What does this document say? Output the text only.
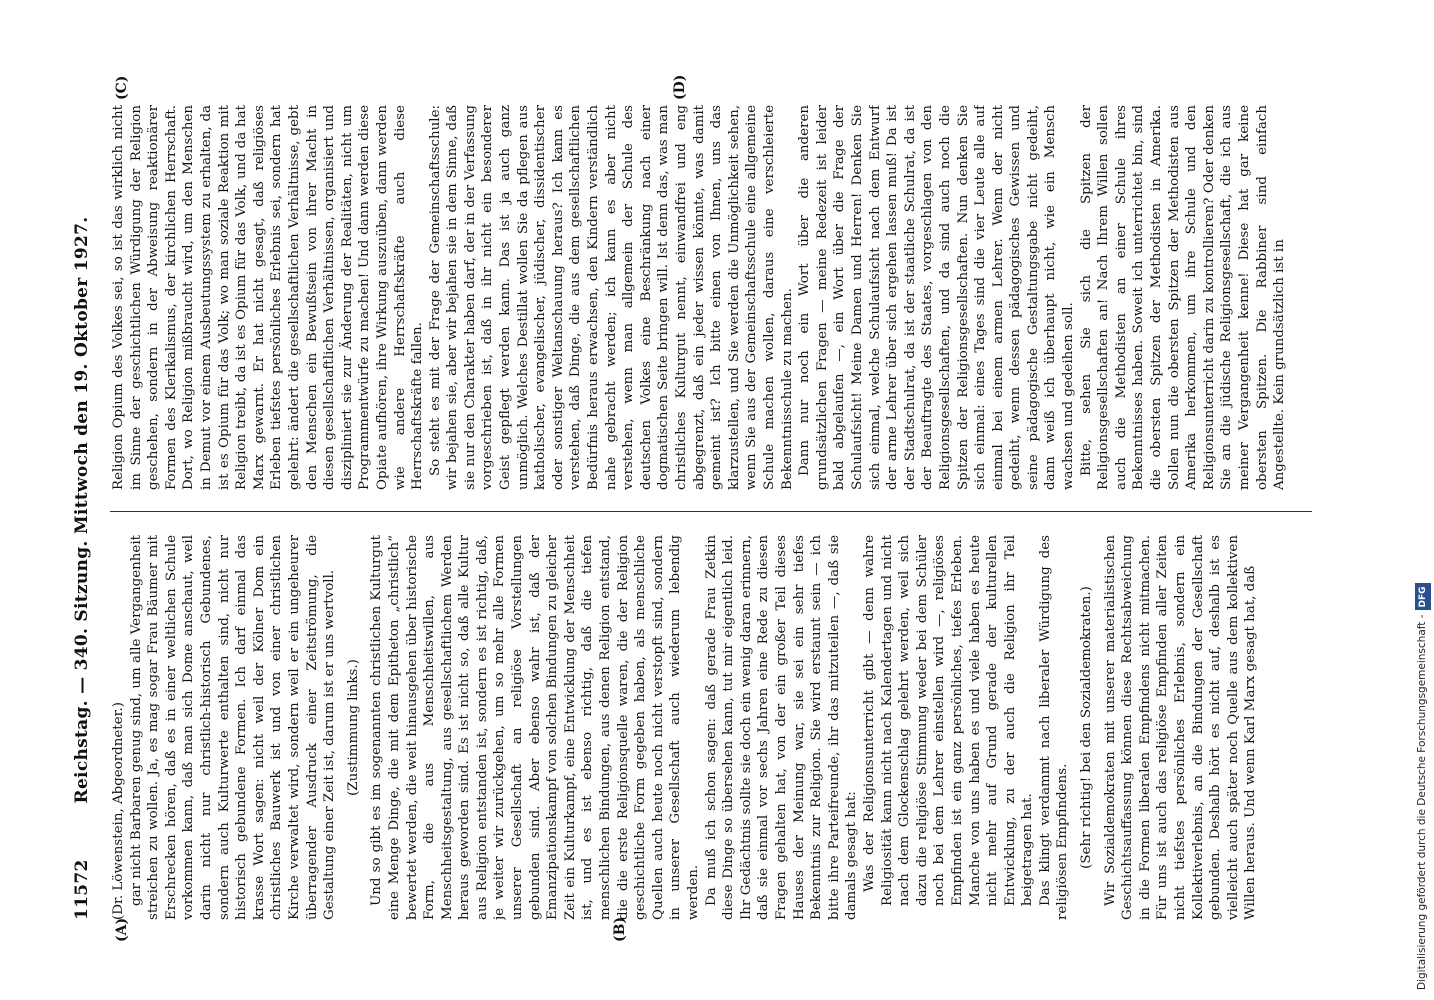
11572
Reichstag. — 340. Sitzung. Mittwoch den 19. Oktober 1927.
(A)	(B)
(C)	(D)

(Dr. Löwenstein, Abgeordneter.) gar nicht Barbaren genug sind, um alle Vergangenheit streichen zu wollen. Ja, es mag sogar Frau Bäumer mit Erschrecken hören, daß es in einer weltlichen Schule vorkommen kann, daß man sich Dome anschaut, weil darin nicht nur christlich-historisch Gebundenes, sondern auch Kulturwerte enthalten sind, nicht nur historisch gebundene Formen. Ich darf einmal das krasse Wort sagen: nicht weil der Kölner Dom ein christliches Bauwerk ist und von einer christlichen Kirche verwaltet wird, sondern weil er ein ungeheurer überragender Ausdruck einer Zeitströmung, die Gestaltung einer Zeit ist, darum ist er uns wertvoll. (Zustimmung links.) Und so gibt es im sogenannten christlichen Kulturgut eine Menge Dinge, die mit dem Epitheton „christlich“ bewertet werden, die weit hinausgehen über historische Form, die aus Menschheitswillen, aus Menschheitsgestaltung, aus gesellschaftlichem Werden heraus geworden sind. Es ist nicht so, daß alle Kultur aus Religion entstanden ist, sondern es ist richtig, daß, je weiter wir zurückgehen, um so mehr alle Formen unserer Gesellschaft an religiöse Vorstellungen gebunden sind. Aber ebenso wahr ist, daß der Emanzipationskampf von solchen Bindungen zu gleicher Zeit ein Kulturkampf, eine Entwicklung der Menschheit ist, und es ist ebenso richtig, daß die tiefen menschlichen Bindungen, aus denen Religion entstand, die die erste Religionsquelle waren, die der Religion geschichtliche Form gegeben haben, als menschliche Quellen auch heute noch nicht verstopft sind, sondern in unserer Gesellschaft auch wiederum lebendig werden. Da muß ich schon sagen: daß gerade Frau Zetkin diese Dinge so übersehen kann, tut mir eigentlich leid. Ihr Gedächtnis sollte sie doch ein wenig daran erinnern, daß sie einmal vor sechs Jahren eine Rede zu diesen Fragen gehalten hat, von der ein großer Teil dieses Hauses der Meinung war, sie sei ein sehr tiefes Bekenntnis zur Religion. Sie wird erstaunt sein — ich bitte ihre Parteifreunde, ihr das mitzuteilen —, daß sie damals gesagt hat: Was der Religionsunterricht gibt — denn wahre Religiosität kann nicht nach Kalendertagen und nicht nach dem Glockenschlag gelehrt werden, weil sich dazu die religiöse Stimmung weder bei dem Schüler noch bei dem Lehrer einstellen wird —, religiöses Empfinden ist ein ganz persönliches, tiefes Erleben. Manche von uns haben es und viele haben es heute nicht mehr auf Grund gerade der kulturellen Entwicklung, zu der auch die Religion ihr Teil beigetragen hat. Das klingt verdammt nach liberaler Würdigung des religiösen Empfindens. (Sehr richtig! bei den Sozialdemokraten.) Wir Sozialdemokraten mit unserer materialistischen Geschichtsauffassung können diese Rechtsabweichung in die Formen liberalen Empfindens nicht mitmachen. Für uns ist auch das religiöse Empfinden aller Zeiten nicht tiefstes persönliches Erlebnis, sondern ein Kollektiverlebnis, an die Bindungen der Gesellschaft gebunden. Deshalb hört es nicht auf, deshalb ist es vielleicht auch später noch Quelle aus dem kollektiven Willen heraus. Und wenn Karl Marx gesagt hat, daß

Religion Opium des Volkes sei, so ist das wirklich nicht im Sinne der geschichtlichen Würdigung der Religion geschehen, sondern in der Abweisung reaktionärer Formen des Klerikalismus, der kirchlichen Herrschaft. Dort, wo Religion mißbraucht wird, um den Menschen in Demut vor einem Ausbeutungssystem zu erhalten, da ist es Opium für das Volk; wo man soziale Reaktion mit Religion treibt, da ist es Opium für das Volk, und da hat Marx gewarnt. Er hat nicht gesagt, daß religiöses Erleben tiefstes persönliches Erlebnis sei, sondern hat gelehrt: ändert die gesellschaftlichen Verhältnisse, gebt den Menschen ein Bewußtsein von ihrer Macht in diesen gesellschaftlichen Verhältnissen, organisiert und diszipliniert sie zur Änderung der Realitäten, nicht um Programmentwürfe zu machen! Und dann werden diese Opiate aufhören, ihre Wirkung auszuüben, dann werden wie andere Herrschaftskräfte auch diese Herrschaftskräfte fallen. So steht es mit der Frage der Gemeinschaftsschule: wir bejahen sie, aber wir bejahen sie in dem Sinne, daß sie nur den Charakter haben darf, der in der Verfassung vorgeschrieben ist, daß in ihr nicht ein besonderer Geist gepflegt werden kann. Das ist ja auch ganz unmöglich. Welches Destillat wollen Sie da pflegen aus katholischer, evangelischer, jüdischer, dissidentischer oder sonstiger Weltanschauung heraus? Ich kann es verstehen, daß Dinge, die aus dem gesellschaftlichen Bedürfnis heraus erwachsen, den Kindern verständlich nahe gebracht werden; ich kann es aber nicht verstehen, wenn man allgemein der Schule des deutschen Volkes eine Beschränkung nach einer dogmatischen Seite bringen will. Ist denn das, was man christliches Kulturgut nennt, einwandfrei und eng abgegrenzt, daß ein jeder wissen könnte, was damit gemeint ist? Ich bitte einen von Ihnen, uns das klarzustellen, und Sie werden die Unmöglichkeit sehen, wenn Sie aus der Gemeinschaftsschule eine allgemeine Schule machen wollen, daraus eine verschleierte Bekenntnisschule zu machen. Dann nur noch ein Wort über die anderen grundsätzlichen Fragen — meine Redezeit ist leider bald abgelaufen —, ein Wort über die Frage der Schulaufsicht! Meine Damen und Herren! Denken Sie sich einmal, welche Schulaufsicht nach dem Entwurf der arme Lehrer über sich ergehen lassen muß! Da ist der Stadtschulrat, da ist der staatliche Schulrat, da ist der Beauftragte des Staates, vorgeschlagen von den Religionsgesellschaften, und da sind auch noch die Spitzen der Religionsgesellschaften. Nun denken Sie sich einmal: eines Tages sind die vier Leute alle auf einmal bei einem armen Lehrer. Wenn der nicht gedeiht, wenn dessen pädagogisches Gewissen und seine pädagogische Gestaltungsgabe nicht gedeiht, dann weiß ich überhaupt nicht, wie ein Mensch wachsen und gedeihen soll. Bitte, sehen Sie sich die Spitzen der Religionsgesellschaften an! Nach Ihrem Willen sollen auch die Methodisten an einer Schule ihres Bekenntnisses haben. Soweit ich unterrichtet bin, sind die obersten Spitzen der Methodisten in Amerika. Sollen nun die obersten Spitzen der Methodisten aus Amerika herkommen, um ihre Schule und den Religionsunterricht darin zu kontrollieren? Oder denken Sie an die jüdische Religionsgesellschaft, die ich aus meiner Vergangenheit kenne! Diese hat gar keine obersten Spitzen. Die Rabbiner sind einfach Angestellte. Kein grundsätzlich ist in

Digitalisierung gefördert durch die Deutsche Forschungsgemeinschaft -DFG
